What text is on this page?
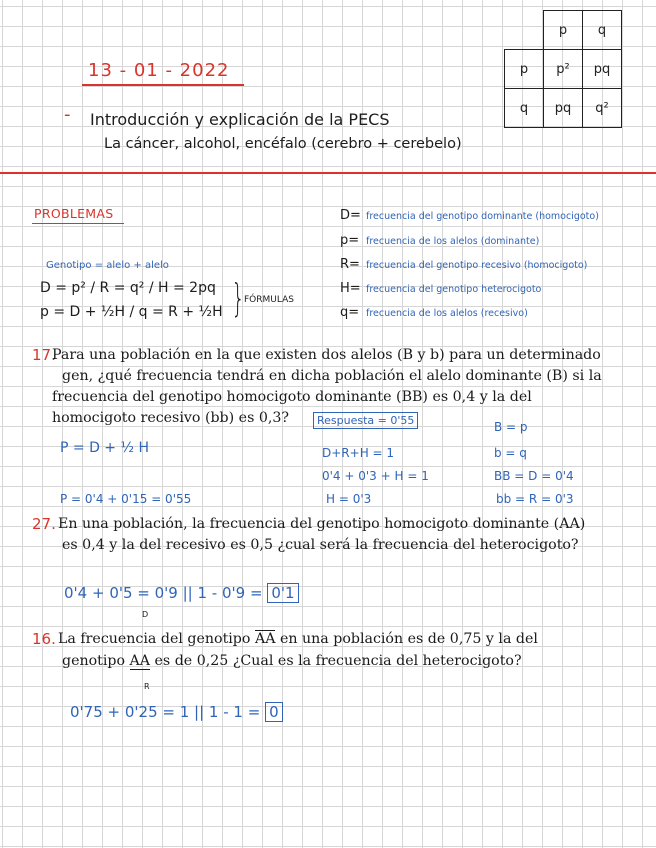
	p	q
p	p²	pq
q	pq	q²
13 - 01 - 2022
- Introducción y explicación de la PECS
La cáncer, alcohol, encéfalo (cerebro + cerebelo)
PROBLEMAS
Genotipo = alelo + alelo
D = p² / R = q² / H = 2pq
p = D + ½H / q = R + ½H } FÓRMULAS
D= frecuencia del genotipo dominante (homocigoto)
p= frecuencia de los alelos (dominante)
R= frecuencia del genotipo recesivo (homocigoto)
H= frecuencia del genotipo heterocigoto
q= frecuencia de los alelos (recesivo)
17.
Para una población en la que existen dos alelos (B y b) para un determinado
gen, ¿qué frecuencia tendrá en dicha población el alelo dominante (B) si la
frecuencia del genotipo homocigoto dominante (BB) es 0,4 y la del
homocigoto recesivo (bb) es 0,3?	Respuesta = 0'55
P = D + ½ H
P = 0'4 + 0'15 = 0'55
D+R+H = 1
0'4 + 0'3 + H = 1
H = 0'3
B = p
b = q
BB = D = 0'4
bb = R = 0'3
27. En una población, la frecuencia del genotipo homocigoto dominante (AA)
es 0,4 y la del recesivo es 0,5 ¿cual será la frecuencia del heterocigoto?
0'4 + 0'5 = 0'9 || 1 - 0'9 = 0'1
16.
D
La frecuencia del genotipo AA en una población es de 0,75 y la del
genotipo AA es de 0,25 ¿Cual es la frecuencia del heterocigoto?
R
0'75 + 0'25 = 1 || 1 - 1 = 0
